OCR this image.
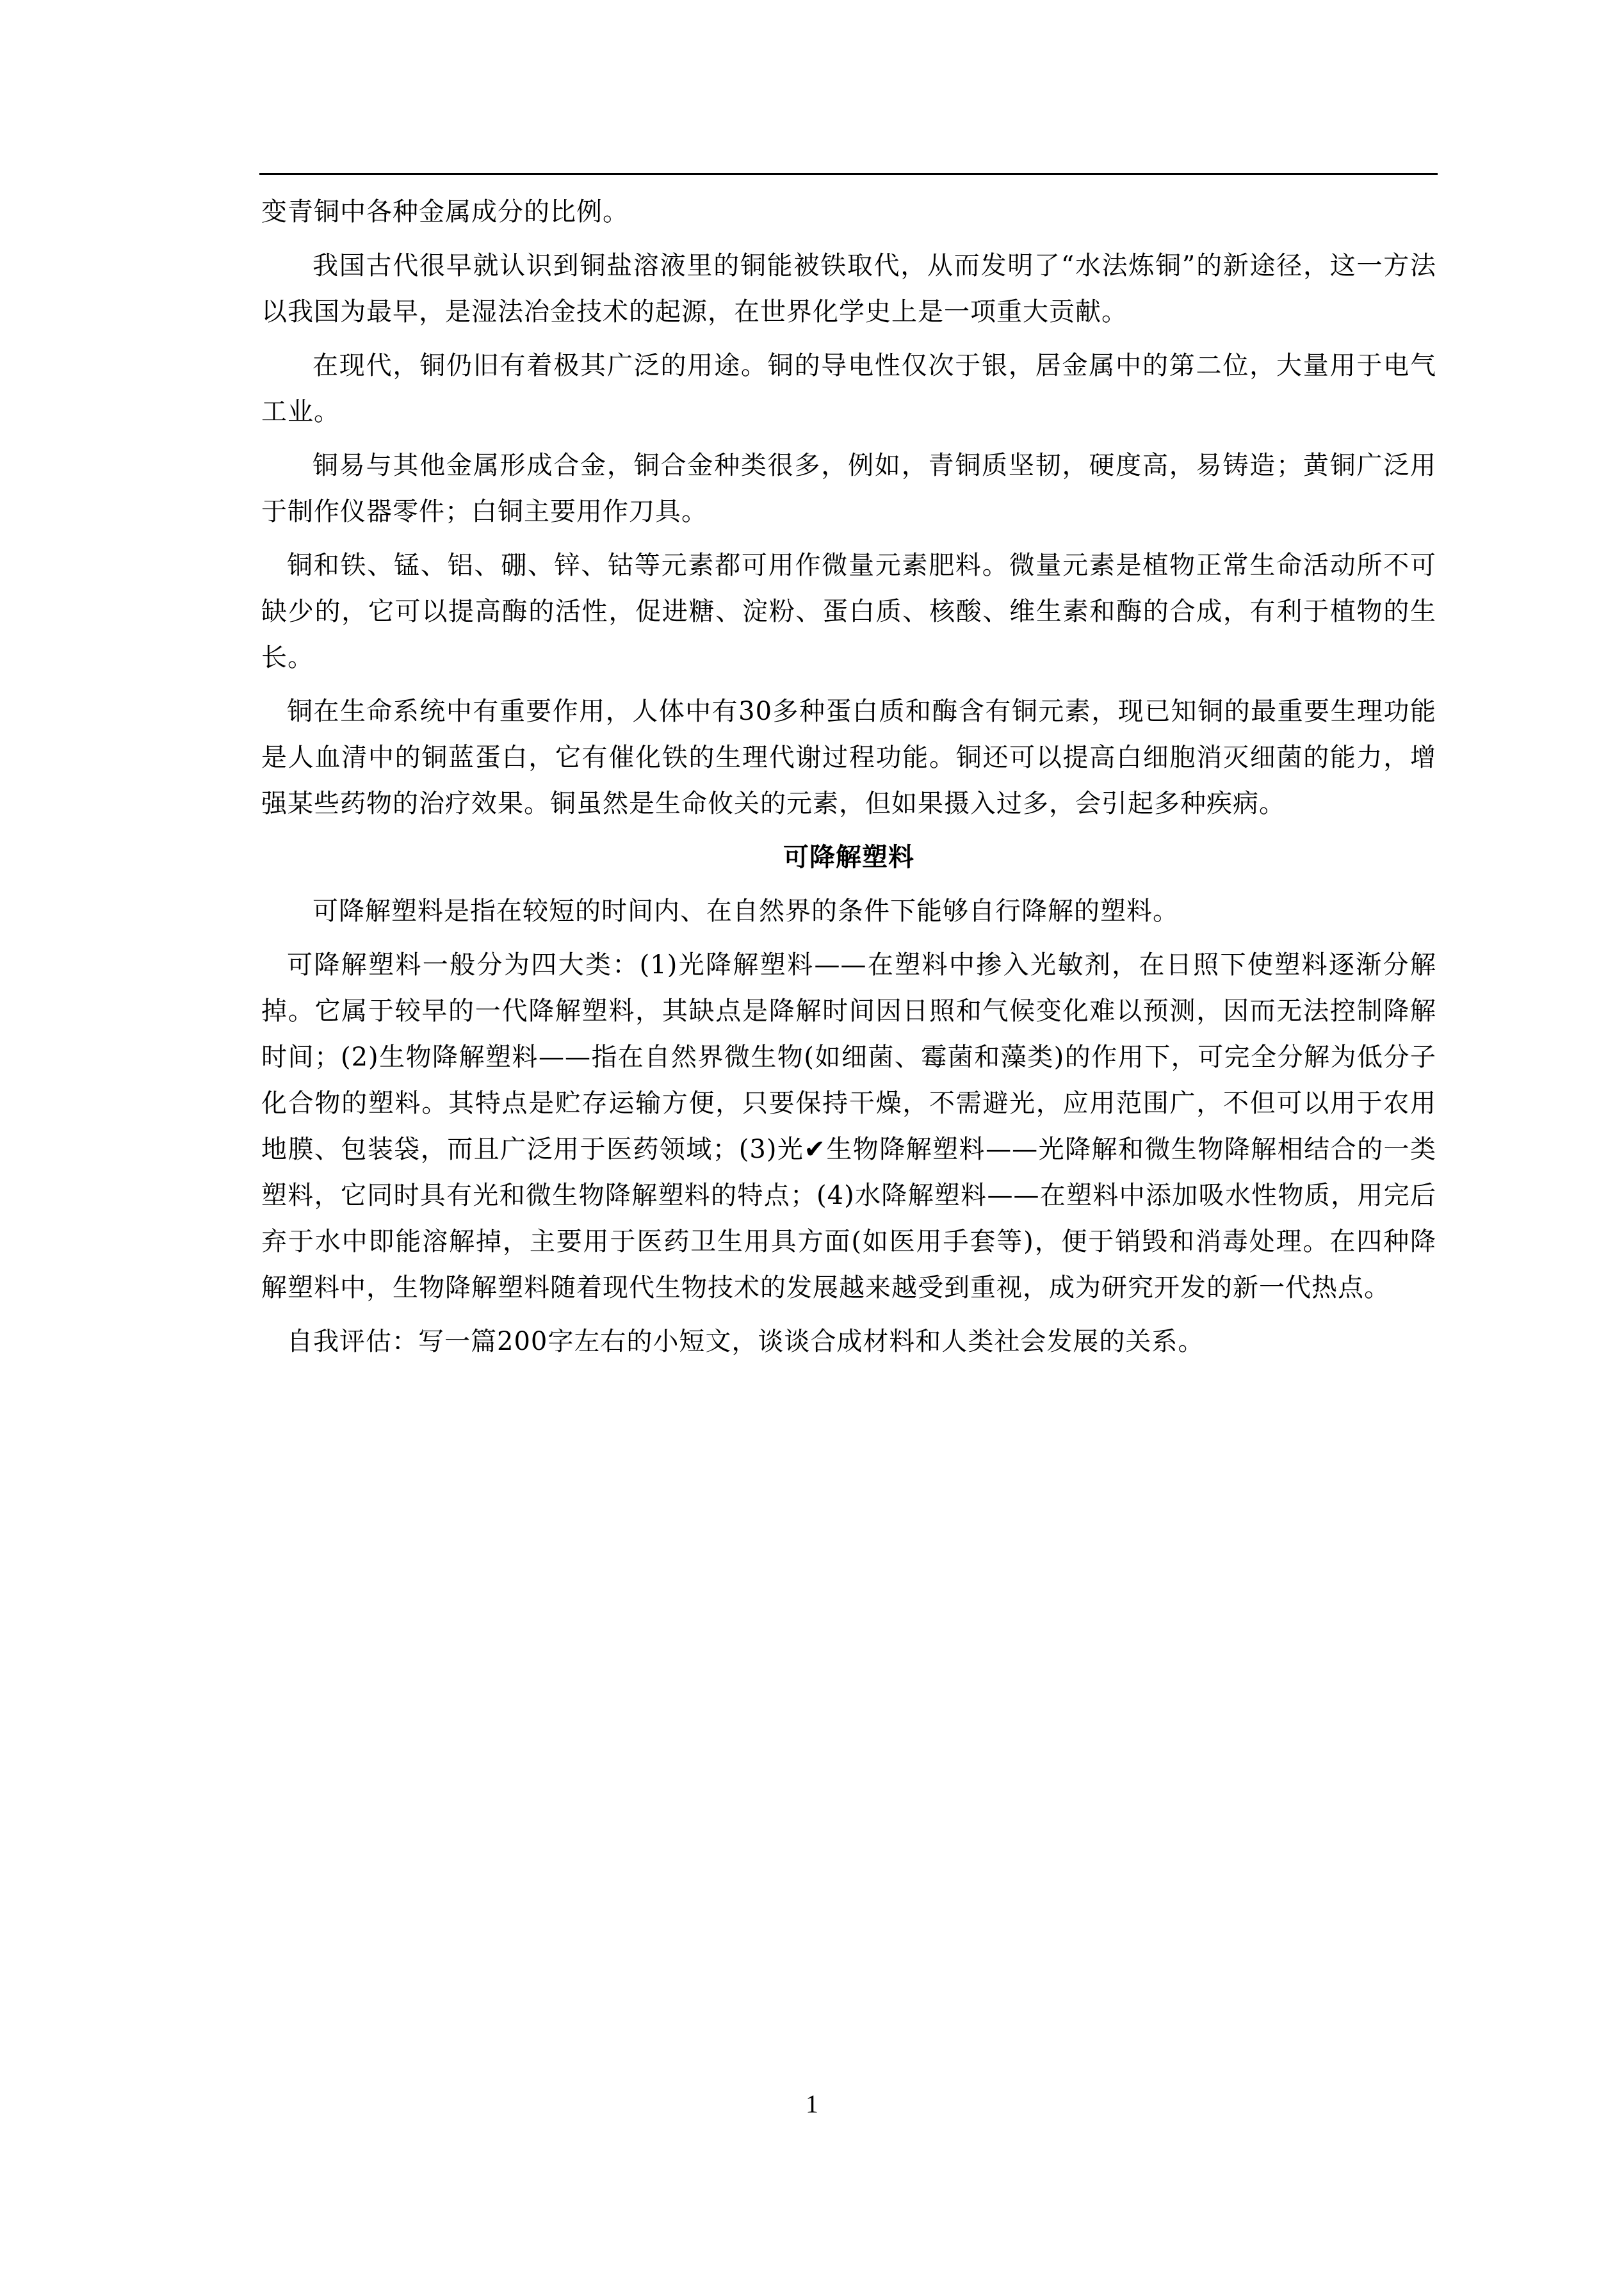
变青铜中各种金属成分的比例。

我国古代很早就认识到铜盐溶液里的铜能被铁取代，从而发明了“水法炼铜”的新途径，这一方法以我国为最早，是湿法冶金技术的起源，在世界化学史上是一项重大贡献。

在现代，铜仍旧有着极其广泛的用途。铜的导电性仅次于银，居金属中的第二位，大量用于电气工业。

铜易与其他金属形成合金，铜合金种类很多，例如，青铜质坚韧，硬度高，易铸造；黄铜广泛用于制作仪器零件；白铜主要用作刀具。

铜和铁、锰、铝、硼、锌、钴等元素都可用作微量元素肥料。微量元素是植物正常生命活动所不可缺少的，它可以提高酶的活性，促进糖、淀粉、蛋白质、核酸、维生素和酶的合成，有利于植物的生长。

铜在生命系统中有重要作用，人体中有30多种蛋白质和酶含有铜元素，现已知铜的最重要生理功能是人血清中的铜蓝蛋白，它有催化铁的生理代谢过程功能。铜还可以提高白细胞消灭细菌的能力，增强某些药物的治疗效果。铜虽然是生命攸关的元素，但如果摄入过多，会引起多种疾病。

可降解塑料

可降解塑料是指在较短的时间内、在自然界的条件下能够自行降解的塑料。

可降解塑料一般分为四大类：(1)光降解塑料——在塑料中掺入光敏剂，在日照下使塑料逐渐分解掉。它属于较早的一代降解塑料，其缺点是降解时间因日照和气候变化难以预测，因而无法控制降解时间；(2)生物降解塑料——指在自然界微生物(如细菌、霉菌和藻类)的作用下，可完全分解为低分子化合物的塑料。其特点是贮存运输方便，只要保持干燥，不需避光，应用范围广，不但可以用于农用地膜、包装袋，而且广泛用于医药领域；(3)光✔生物降解塑料——光降解和微生物降解相结合的一类塑料，它同时具有光和微生物降解塑料的特点；(4)水降解塑料——在塑料中添加吸水性物质，用完后弃于水中即能溶解掉，主要用于医药卫生用具方面(如医用手套等)，便于销毁和消毒处理。在四种降解塑料中，生物降解塑料随着现代生物技术的发展越来越受到重视，成为研究开发的新一代热点。

自我评估：写一篇200字左右的小短文，谈谈合成材料和人类社会发展的关系。

1
